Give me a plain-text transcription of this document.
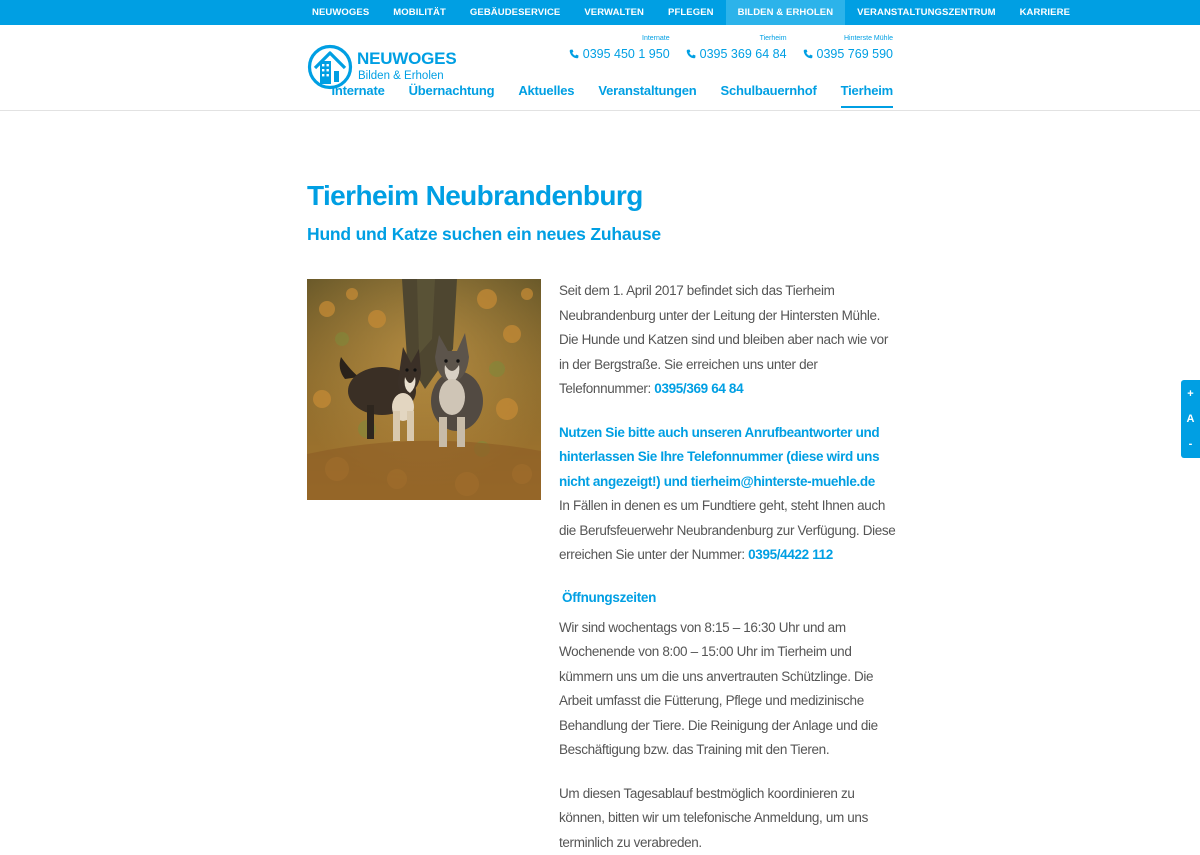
NEUWOGES	MOBILITÄT	GEBÄUDESERVICE	VERWALTEN	PFLEGEN	BILDEN & ERHOLEN	VERANSTALTUNGSZENTRUM	KARRIERE
NEUWOGES
Bilden & Erholen
Internate
0395 450 1 950
Tierheim
0395 369 64 84
Hinterste Mühle
0395 769 590
Internate Übernachtung Aktuelles Veranstaltungen Schulbauernhof Tierheim
Tierheim Neubrandenburg
Hund und Katze suchen ein neues Zuhause

Seit dem 1. April 2017 befindet sich das Tierheim Neubrandenburg unter der Leitung der Hintersten Mühle. Die Hunde und Katzen sind und bleiben aber nach wie vor in der Bergstraße. Sie erreichen uns unter der Telefonnummer: 0395/369 64 84

Nutzen Sie bitte auch unseren Anrufbeantworter und hinterlassen Sie Ihre Telefonnummer (diese wird uns nicht angezeigt!) und tierheim@hinterste-muehle.de

In Fällen in denen es um Fundtiere geht, steht Ihnen auch die Berufsfeuerwehr Neubrandenburg zur Verfügung. Diese erreichen Sie unter der Nummer: 0395/4422 112

Öffnungszeiten

Wir sind wochentags von 8:15 – 16:30 Uhr und am Wochenende von 8:00 – 15:00 Uhr im Tierheim und kümmern uns um die uns anvertrauten Schützlinge. Die Arbeit umfasst die Fütterung, Pflege und medizinische Behandlung der Tiere. Die Reinigung der Anlage und die Beschäftigung bzw. das Training mit den Tieren.

Um diesen Tagesablauf bestmöglich koordinieren zu können, bitten wir um telefonische Anmeldung, um uns terminlich zu verabreden.

+
A
-
